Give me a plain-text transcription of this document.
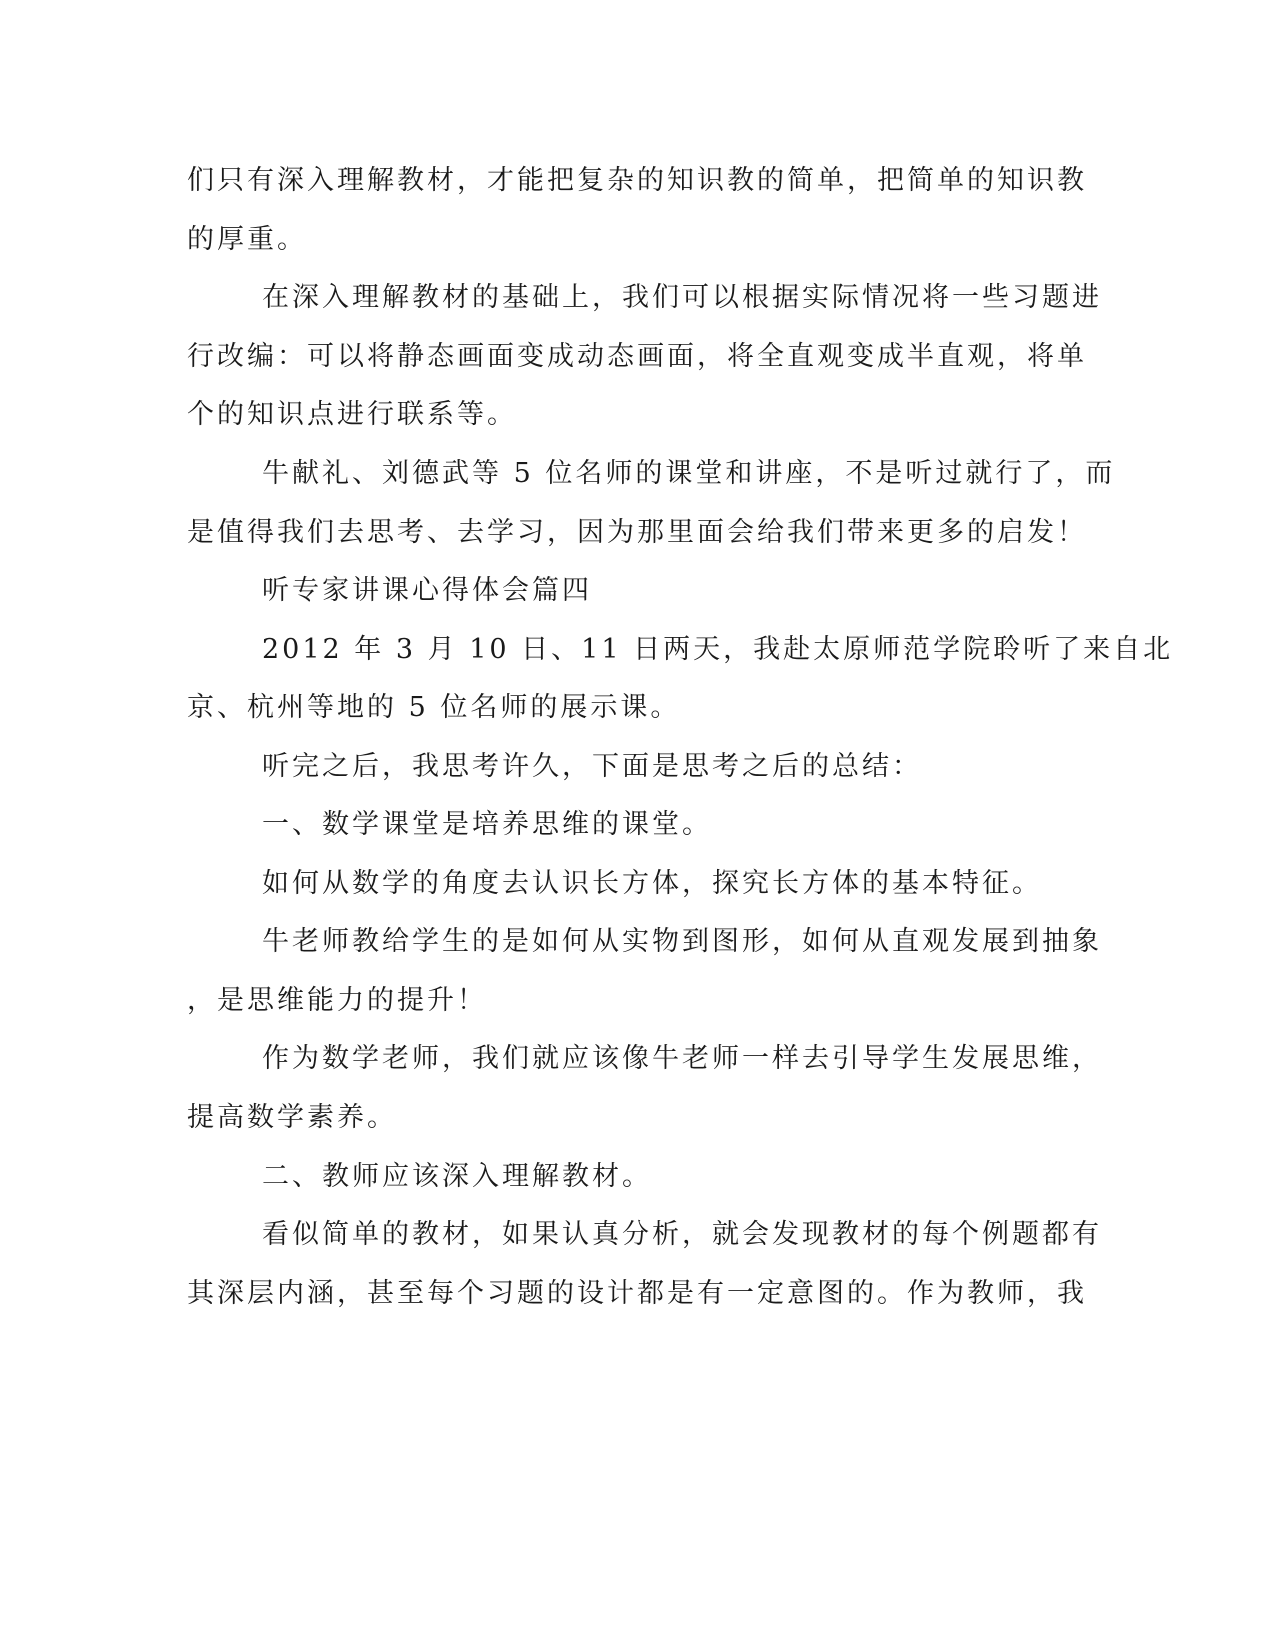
们只有深入理解教材，才能把复杂的知识教的简单，把简单的知识教
的厚重。
在深入理解教材的基础上，我们可以根据实际情况将一些习题进
行改编：可以将静态画面变成动态画面，将全直观变成半直观，将单
个的知识点进行联系等。
牛献礼、刘德武等 5 位名师的课堂和讲座，不是听过就行了，而
是值得我们去思考、去学习，因为那里面会给我们带来更多的启发！
听专家讲课心得体会篇四
2012 年 3 月 10 日、11 日两天，我赴太原师范学院聆听了来自北
京、杭州等地的 5 位名师的展示课。
听完之后，我思考许久，下面是思考之后的总结：
一、数学课堂是培养思维的课堂。
如何从数学的角度去认识长方体，探究长方体的基本特征。
牛老师教给学生的是如何从实物到图形，如何从直观发展到抽象
，是思维能力的提升！
作为数学老师，我们就应该像牛老师一样去引导学生发展思维，
提高数学素养。
二、教师应该深入理解教材。
看似简单的教材，如果认真分析，就会发现教材的每个例题都有
其深层内涵，甚至每个习题的设计都是有一定意图的。作为教师，我
